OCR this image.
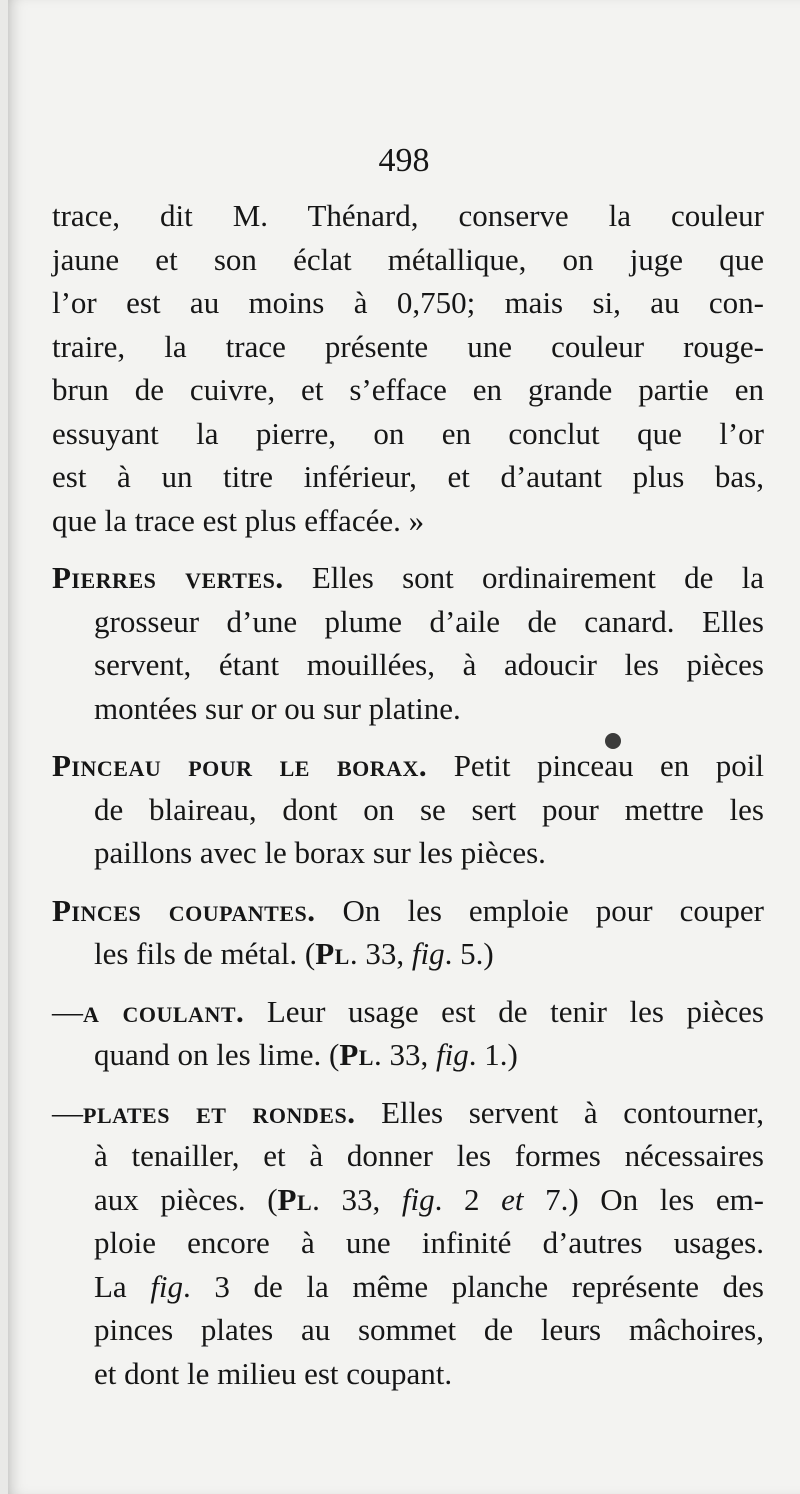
498
trace, dit M. Thénard, conserve la couleur
jaune et son éclat métallique, on juge que
l’or est au moins à 0,750; mais si, au con-
traire, la trace présente une couleur rouge-
brun de cuivre, et s’efface en grande partie en
essuyant la pierre, on en conclut que l’or
est à un titre inférieur, et d’autant plus bas,
que la trace est plus effacée. »
Pierres vertes. Elles sont ordinairement de la
grosseur d’une plume d’aile de canard. Elles
servent, étant mouillées, à adoucir les pièces
montées sur or ou sur platine.
Pinceau pour le borax. Petit pinceau en poil
de blaireau, dont on se sert pour mettre les
paillons avec le borax sur les pièces.
Pinces coupantes. On les emploie pour couper
les fils de métal. (Pl. 33, fig. 5.)
—a coulant. Leur usage est de tenir les pièces
quand on les lime. (Pl. 33, fig. 1.)
—plates et rondes. Elles servent à contourner,
à tenailler, et à donner les formes nécessaires
aux pièces. (Pl. 33, fig. 2 et 7.) On les em-
ploie encore à une infinité d’autres usages.
La fig. 3 de la même planche représente des
pinces plates au sommet de leurs mâchoires,
et dont le milieu est coupant.
